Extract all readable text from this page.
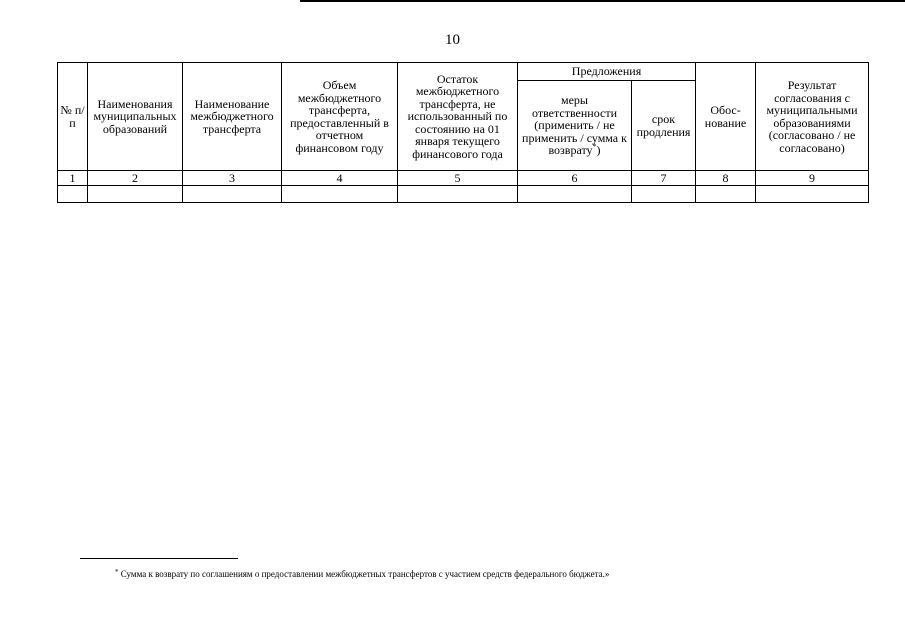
10
№ п/п	Наименования муниципальных образований	Наименование межбюджетного трансферта	Объем межбюджетного трансферта, предоставленный в отчетном финансовом году	Остаток межбюджетного трансферта, не использованный по состоянию на 01 января текущего финансового года	Предложения		Обос-нование	Результат согласования с муниципальными образованиями (согласовано / не согласовано)
					меры ответственности (применить / не применить / сумма к возврату*)	срок продления		
1	2	3	4	5	6	7	8	9

* Сумма к возврату по соглашениям о предоставлении межбюджетных трансфертов с участием средств федерального бюджета.»
